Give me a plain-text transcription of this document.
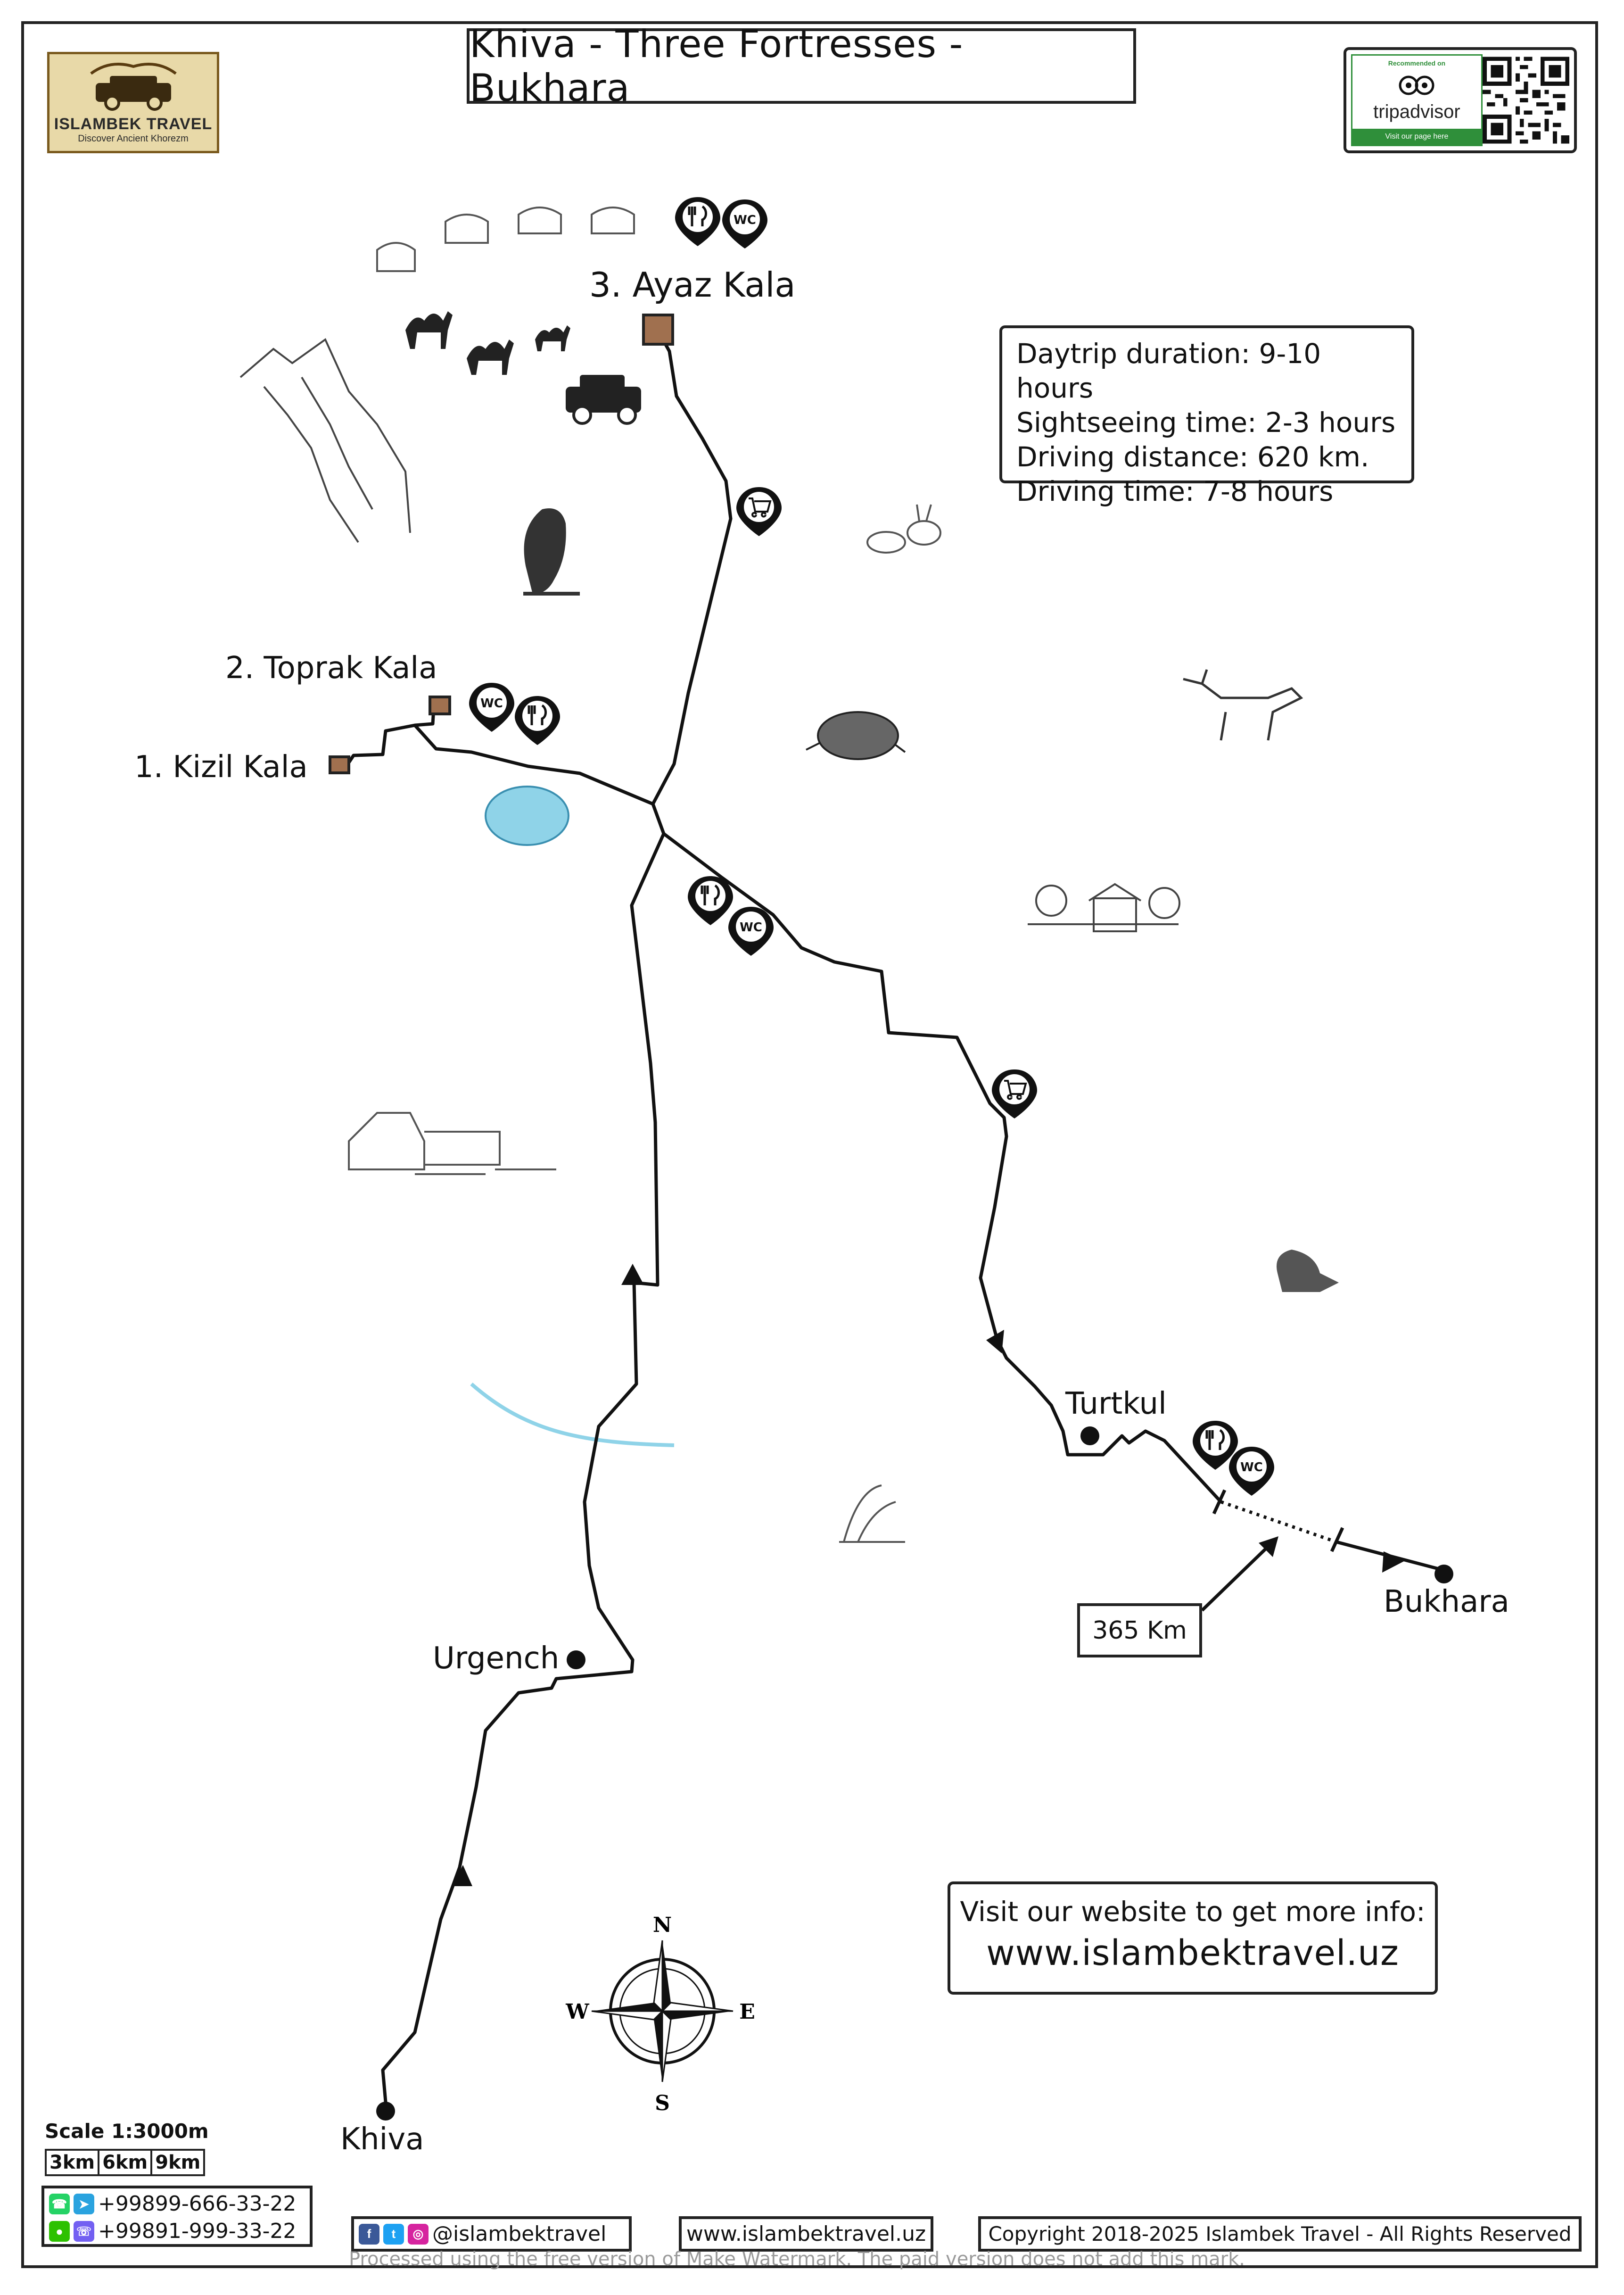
WC
WC
WC
WC
N
S
E
W
Khiva - Three Fortresses - Bukhara
ISLAMBEK TRAVEL
Discover Ancient Khorezm
Recommended on
tripadvisor
Visit our page here
Daytrip duration: 9-10 hours
Sightseeing time: 2-3 hours
Driving distance: 620 km.
Driving time: 7-8 hours
3. Ayaz Kala
2. Toprak Kala
1. Kizil Kala
Turtkul
Urgench
Khiva
Bukhara
365 Km
Visit our website to get more info:
www.islambektravel.uz
Scale 1:3000m
3km 6km 9km
☎ ➤ +99899-666-33-22
●	☏ +99891-999-33-22	f	t	◎ @islambektravel	www.islambektravel.uz	Copyright 2018-2025 Islambek Travel - All Rights Reserved
Processed using the free version of Make Watermark. The paid version does not add this mark.
